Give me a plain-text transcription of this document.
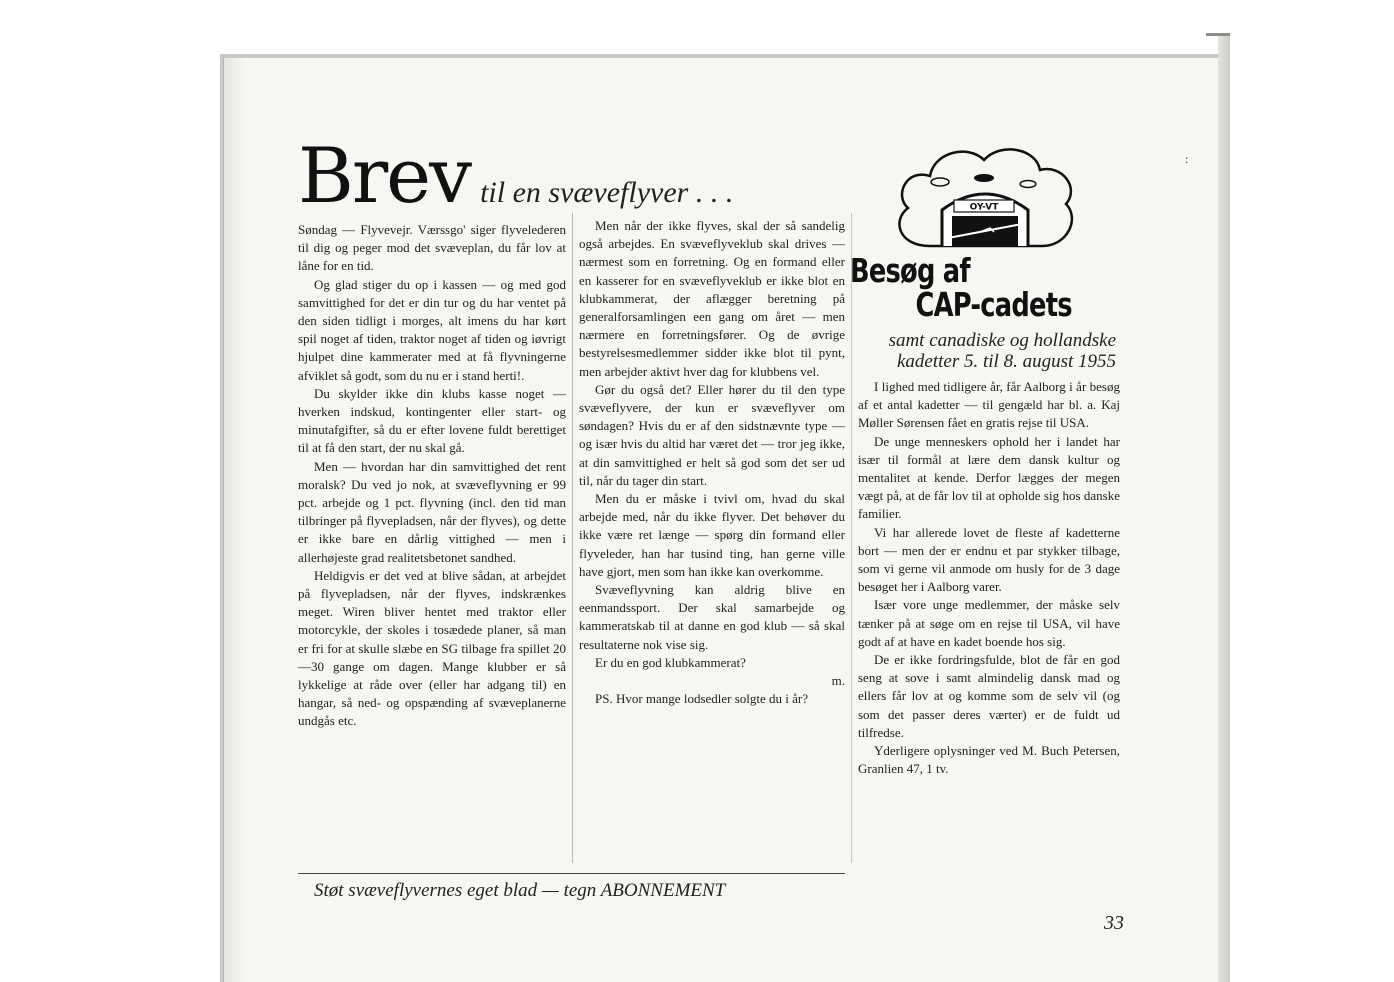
Brev til en svæveflyver . . .

Søndag — Flyvevejr. Værssgo' siger flyvelederen til dig og peger mod det svæveplan, du får lov at låne for en tid.

Og glad stiger du op i kassen — og med god samvittighed for det er din tur og du har ventet på den siden tidligt i morges, alt imens du har kørt spil noget af tiden, traktor noget af tiden og iøvrigt hjulpet dine kammerater med at få flyvningerne afviklet så godt, som du nu er i stand herti!.

Du skylder ikke din klubs kasse noget — hverken indskud, kontingenter eller start- og minutafgifter, så du er efter lovene fuldt berettiget til at få den start, der nu skal gå.

Men — hvordan har din samvittighed det rent moralsk? Du ved jo nok, at svæveflyvning er 99 pct. arbejde og 1 pct. flyvning (incl. den tid man tilbringer på flyvepladsen, når der flyves), og dette er ikke bare en dårlig vittighed — men i allerhøjeste grad realitetsbetonet sandhed.

Heldigvis er det ved at blive sådan, at arbejdet på flyvepladsen, når der flyves, indskrænkes meget. Wiren bliver hentet med traktor eller motorcykle, der skoles i tosædede planer, så man er fri for at skulle slæbe en SG tilbage fra spillet 20—30 gange om dagen. Mange klubber er så lykkelige at råde over (eller har adgang til) en hangar, så ned- og opspænding af svæveplanerne undgås etc.

Men når der ikke flyves, skal der så sandelig også arbejdes. En svæveflyveklub skal drives — nærmest som en forretning. Og en formand eller en kasserer for en svæveflyveklub er ikke blot en klubkammerat, der aflægger beretning på generalforsamlingen een gang om året — men nærmere en forretningsfører. Og de øvrige bestyrelsesmedlemmer sidder ikke blot til pynt, men arbejder aktivt hver dag for klubbens vel.

Gør du også det? Eller hører du til den type svæveflyvere, der kun er svæveflyver om søndagen? Hvis du er af den sidstnævnte type — og især hvis du altid har været det — tror jeg ikke, at din samvittighed er helt så god som det ser ud til, når du tager din start.

Men du er måske i tvivl om, hvad du skal arbejde med, når du ikke flyver. Det behøver du ikke være ret længe — spørg din formand eller flyveleder, han har tusind ting, han gerne ville have gjort, men som han ikke kan overkomme.

Svæveflyvning kan aldrig blive en eenmandssport. Der skal samarbejde og kammeratskab til at danne en god klub — så skal resultaterne nok vise sig.

Er du en god klubkammerat?

m.

PS. Hvor mange lodsedler solgte du i år?

OY-VT
Besøg af
CAP-cadets
samt canadiske og hollandske
kadetter 5. til 8. august 1955

I lighed med tidligere år, får Aalborg i år besøg af et antal kadetter — til gengæld har bl. a. Kaj Møller Sørensen fået en gratis rejse til USA.

De unge menneskers ophold her i landet har især til formål at lære dem dansk kultur og mentalitet at kende. Derfor lægges der megen vægt på, at de får lov til at opholde sig hos danske familier.

Vi har allerede lovet de fleste af kadetterne bort — men der er endnu et par stykker tilbage, som vi gerne vil anmode om husly for de 3 dage besøget her i Aalborg varer.

Især vore unge medlemmer, der måske selv tænker på at søge om en rejse til USA, vil have godt af at have en kadet boende hos sig.

De er ikke fordringsfulde, blot de får en god seng at sove i samt almindelig dansk mad og ellers får lov at og komme som de selv vil (og som det passer deres værter) er de fuldt ud tilfredse.

Yderligere oplysninger ved M. Buch Petersen, Granlien 47, 1 tv.

Støt svæveflyvernes eget blad — tegn ABONNEMENT
33
:
